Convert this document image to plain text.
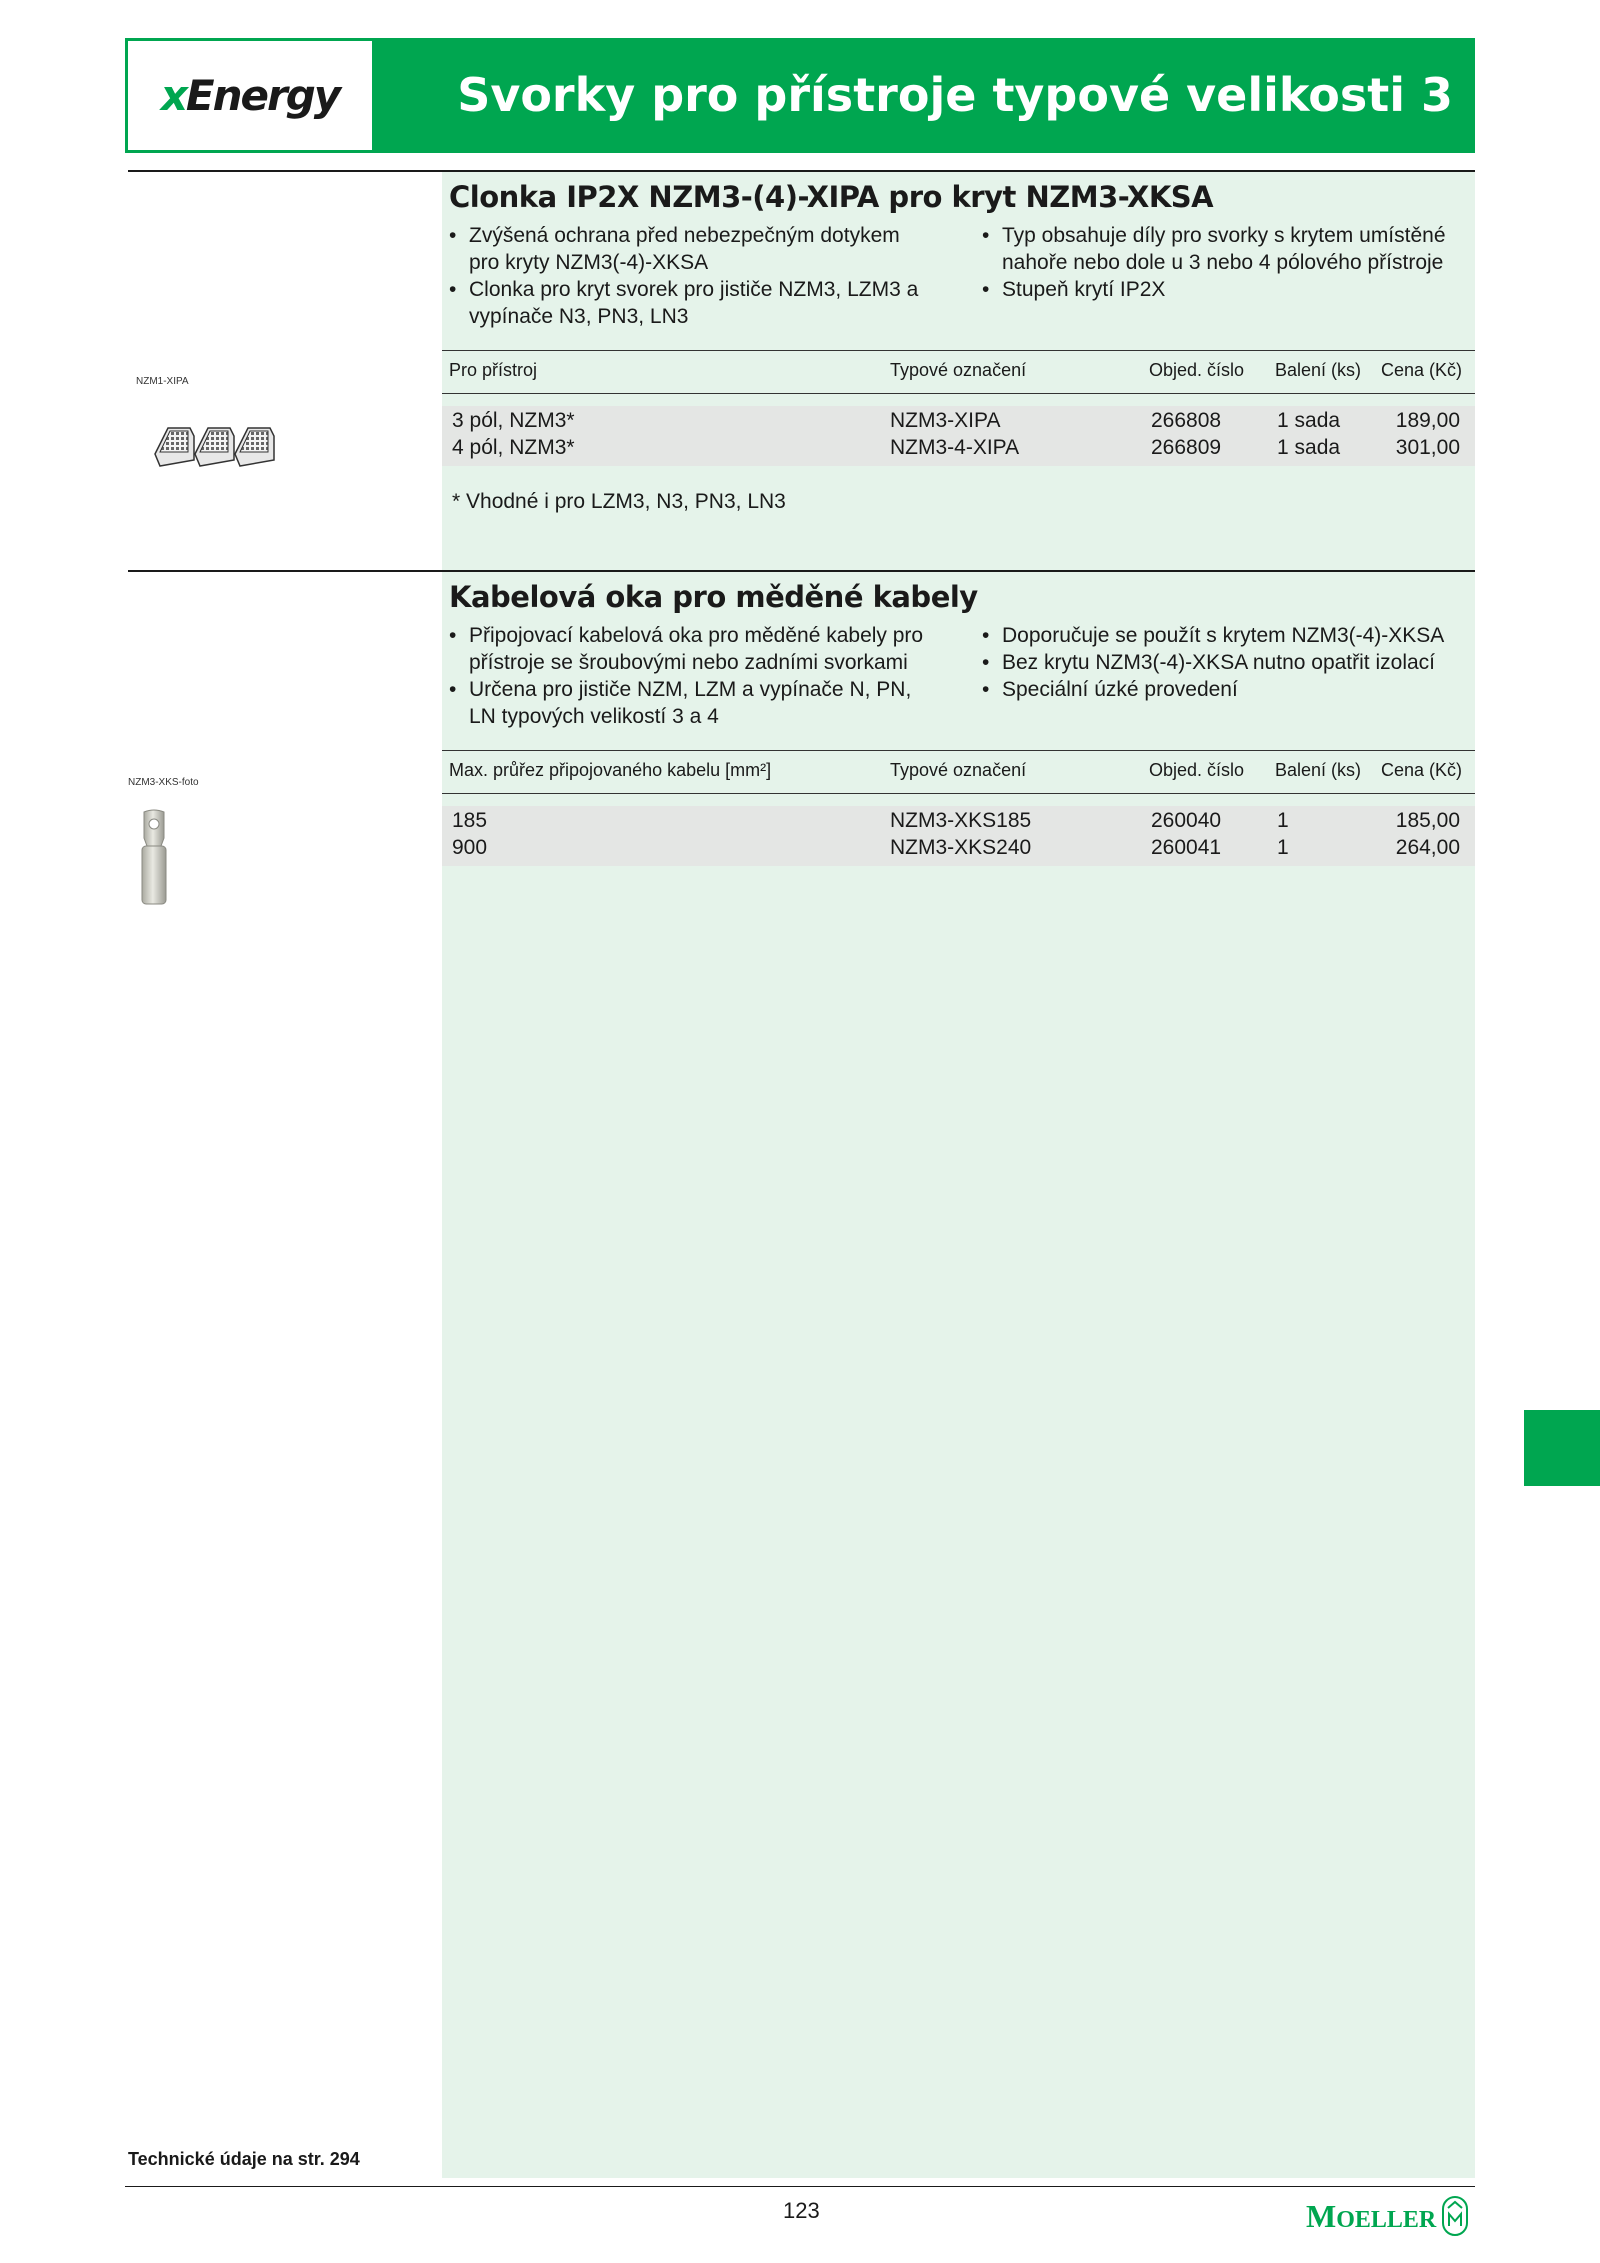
xEnergy	Svorky pro přístroje typové velikosti 3
Clonka IP2X NZM3-(4)-XIPA pro kryt NZM3-XKSA
• Zvýšená ochrana před nebezpečným dotykem pro kryty NZM3(-4)-XKSA
• Clonka pro kryt svorek pro jističe NZM3, LZM3 a vypínače N3, PN3, LN3
• Typ obsahuje díly pro svorky s krytem umístěné nahoře nebo dole u 3 nebo 4 pólového přístroje
• Stupeň krytí IP2X
Pro přístroj	Typové označení	Objed. číslo Balení (ks) Cena (Kč)
3 pól, NZM3*	NZM3-XIPA	266808	1 sada	189,00
4 pól, NZM3*	NZM3-4-XIPA	266809	1 sada	301,00
* Vhodné i pro LZM3, N3, PN3, LN3
NZM1-XIPA
Kabelová oka pro měděné kabely
• Připojovací kabelová oka pro měděné kabely pro přístroje se šroubovými nebo zadními svorkami
• Určena pro jističe NZM, LZM a vypínače N, PN, LN typových velikostí 3 a 4
• Doporučuje se použít s krytem NZM3(-4)-XKSA
• Bez krytu NZM3(-4)-XKSA nutno opatřit izolací
• Speciální úzké provedení
Max. průřez připojovaného kabelu [mm²]	Typové označení	Objed. číslo Balení (ks) Cena (Kč)
185	NZM3-XKS185	260040	1	185,00
900	NZM3-XKS240	260041	1	264,00
NZM3-XKS-foto
Technické údaje na str. 294
123	MOELLER
